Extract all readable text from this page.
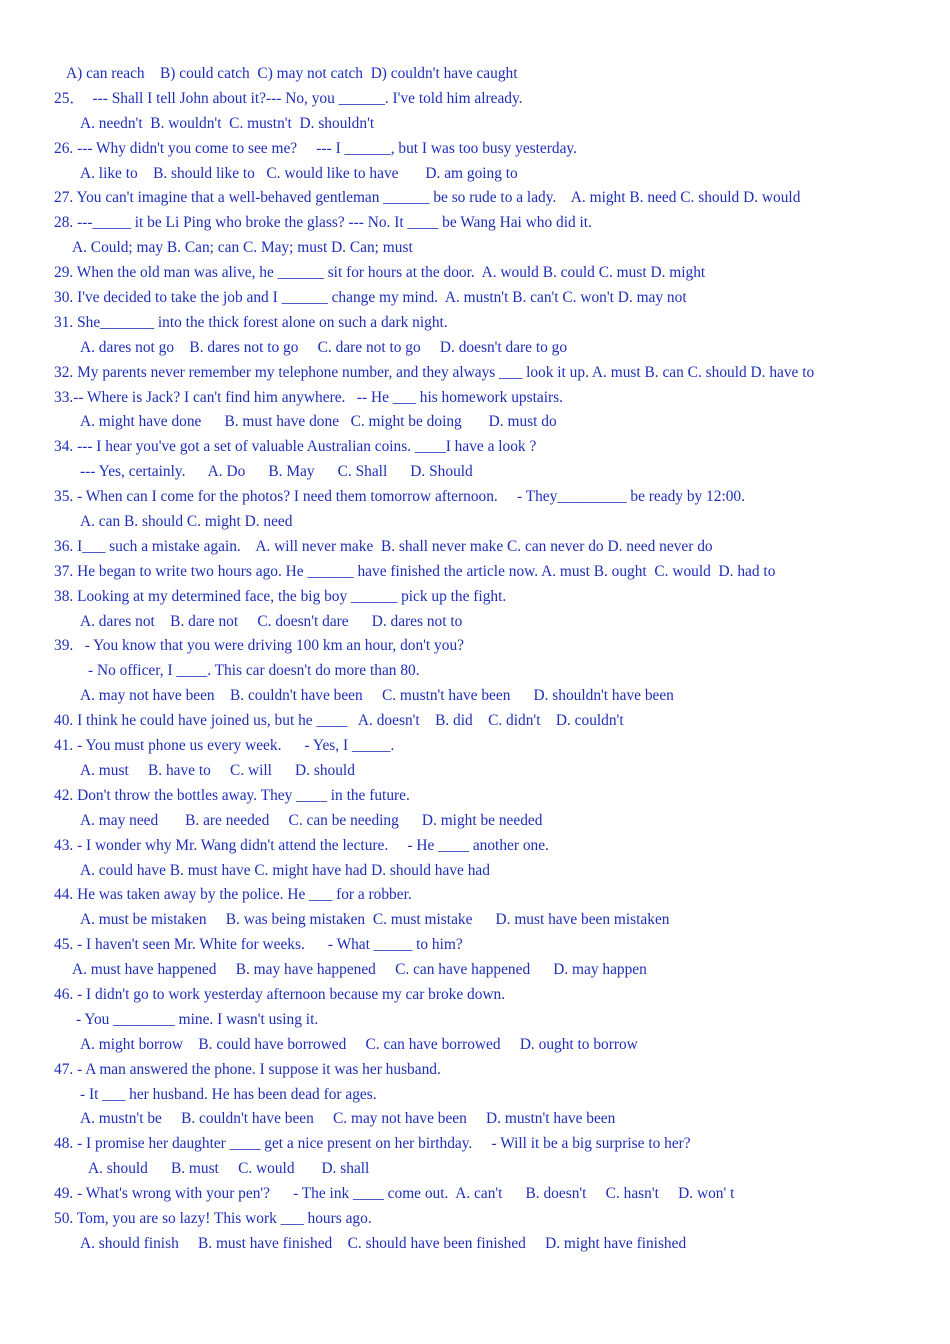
A) can reach    B) could catch  C) may not catch  D) couldn't have caught
25．  --- Shall I tell John about it?--- No, you ______. I've told him already.
A. needn't  B. wouldn't  C. mustn't  D. shouldn't
26. --- Why didn't you come to see me?     --- I ______, but I was too busy yesterday.
A. like to    B. should like to   C. would like to have       D. am going to
27. You can't imagine that a well-behaved gentleman ______ be so rude to a lady.    A. might B. need C. should D. would
28. ---_____ it be Li Ping who broke the glass? --- No. It ____ be Wang Hai who did it.
A. Could; may B. Can; can C. May; must D. Can; must
29. When the old man was alive, he ______ sit for hours at the door.  A. would B. could C. must D. might
30. I've decided to take the job and I ______ change my mind.  A. mustn't B. can't C. won't D. may not
31. She_______ into the thick forest alone on such a dark night.
A. dares not go    B. dares not to go     C. dare not to go     D. doesn't dare to go
32. My parents never remember my telephone number, and they always ___ look it up. A. must B. can C. should D. have to
33.-- Where is Jack? I can't find him anywhere.   -- He ___ his homework upstairs.
A. might have done      B. must have done   C. might be doing       D. must do
34. --- I hear you've got a set of valuable Australian coins. ____I have a look ?
--- Yes, certainly.      A. Do      B. May      C. Shall      D. Should
35. - When can I come for the photos? I need them tomorrow afternoon.     - They_________ be ready by 12:00.
A. can B. should C. might D. need
36. I___ such a mistake again.    A. will never make  B. shall never make C. can never do D. need never do
37. He began to write two hours ago. He ______ have finished the article now. A. must B. ought  C. would  D. had to
38. Looking at my determined face, the big boy ______ pick up the fight.
A. dares not    B. dare not     C. doesn't dare      D. dares not to
39.   - You know that you were driving 100 km an hour, don't you?
- No officer, I ____. This car doesn't do more than 80.
A. may not have been    B. couldn't have been     C. mustn't have been      D. shouldn't have been
40. I think he could have joined us, but he ____   A. doesn't    B. did    C. didn't    D. couldn't
41. - You must phone us every week.      - Yes, I _____.
A. must     B. have to     C. will      D. should
42. Don't throw the bottles away. They ____ in the future.
A. may need       B. are needed     C. can be needing      D. might be needed
43. - I wonder why Mr. Wang didn't attend the lecture.     - He ____ another one.
A. could have B. must have C. might have had D. should have had
44. He was taken away by the police. He ___ for a robber.
A. must be mistaken     B. was being mistaken  C. must mistake      D. must have been mistaken
45. - I haven't seen Mr. White for weeks.      - What _____ to him?
A. must have happened     B. may have happened     C. can have happened      D. may happen
46. - I didn't go to work yesterday afternoon because my car broke down.
- You ________ mine. I wasn't using it.
A. might borrow    B. could have borrowed     C. can have borrowed     D. ought to borrow
47. - A man answered the phone. I suppose it was her husband.
- It ___ her husband. He has been dead for ages.
A. mustn't be     B. couldn't have been     C. may not have been     D. mustn't have been
48. - I promise her daughter ____ get a nice present on her birthday.     - Will it be a big surprise to her?
A. should      B. must     C. would       D. shall
49. - What's wrong with your pen'?      - The ink ____ come out.  A. can't      B. doesn't     C. hasn't     D. won' t
50. Tom, you are so lazy! This work ___ hours ago.
A. should finish     B. must have finished    C. should have been finished     D. might have finished
